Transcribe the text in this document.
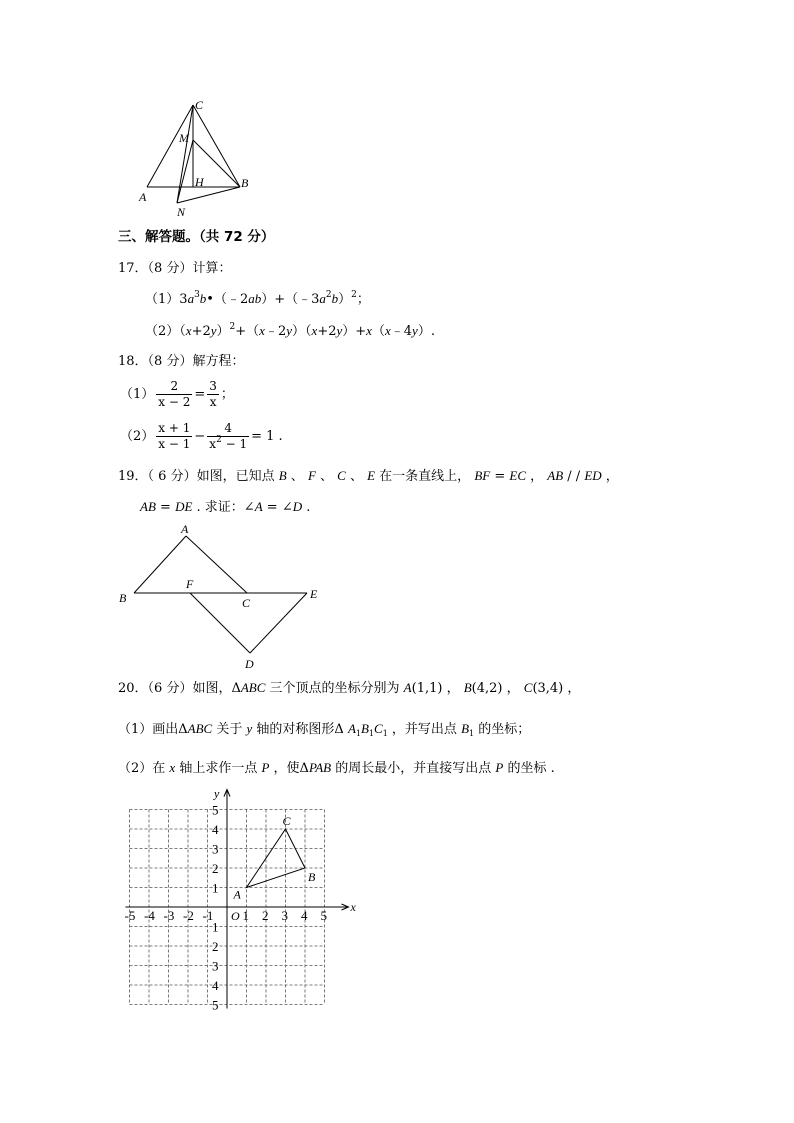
C
M
H
A
B
N
三、解答题。（共 72 分）
17．（8 分）计算：
$(1)3a^3b•(﹣2ab)+(﹣3a^2b)^2$；
$(2)(x+2y)^2+(x﹣2y)(x+2y)+x(x﹣4y)$.
18．（8 分）解方程：
$(1) \frac{2}{x - 2} = \frac{3}{x}$ ；
$(2) \frac{x + 1}{x - 1} - \frac{4}{x^2 - 1} = 1$ .
19．（ 6 分）如图，已知点 B 、 F 、 C 、 E 在一条直线上， BF = EC ， AB / / ED ，
AB = DE . 求证：∠A = ∠D .
A
B
F
C
E
D
20．（6 分）如图，ΔABC 三个顶点的坐标分别为 A(1,1) ， B(4,2) ， C(3,4) ，
（1）画出ΔABC 关于 y 轴的对称图形Δ $A_1B_1C_1$ ，并写出点 $B_1$ 的坐标；
（2）在 x 轴上求作一点 P ，使ΔPAB 的周长最小，并直接写出点 P 的坐标 .
-5 -4 -3 -2 -1 1 2 3 4 5
1
2
3
4
5
1
2
3
4
5
x
y
O
A
B
C
